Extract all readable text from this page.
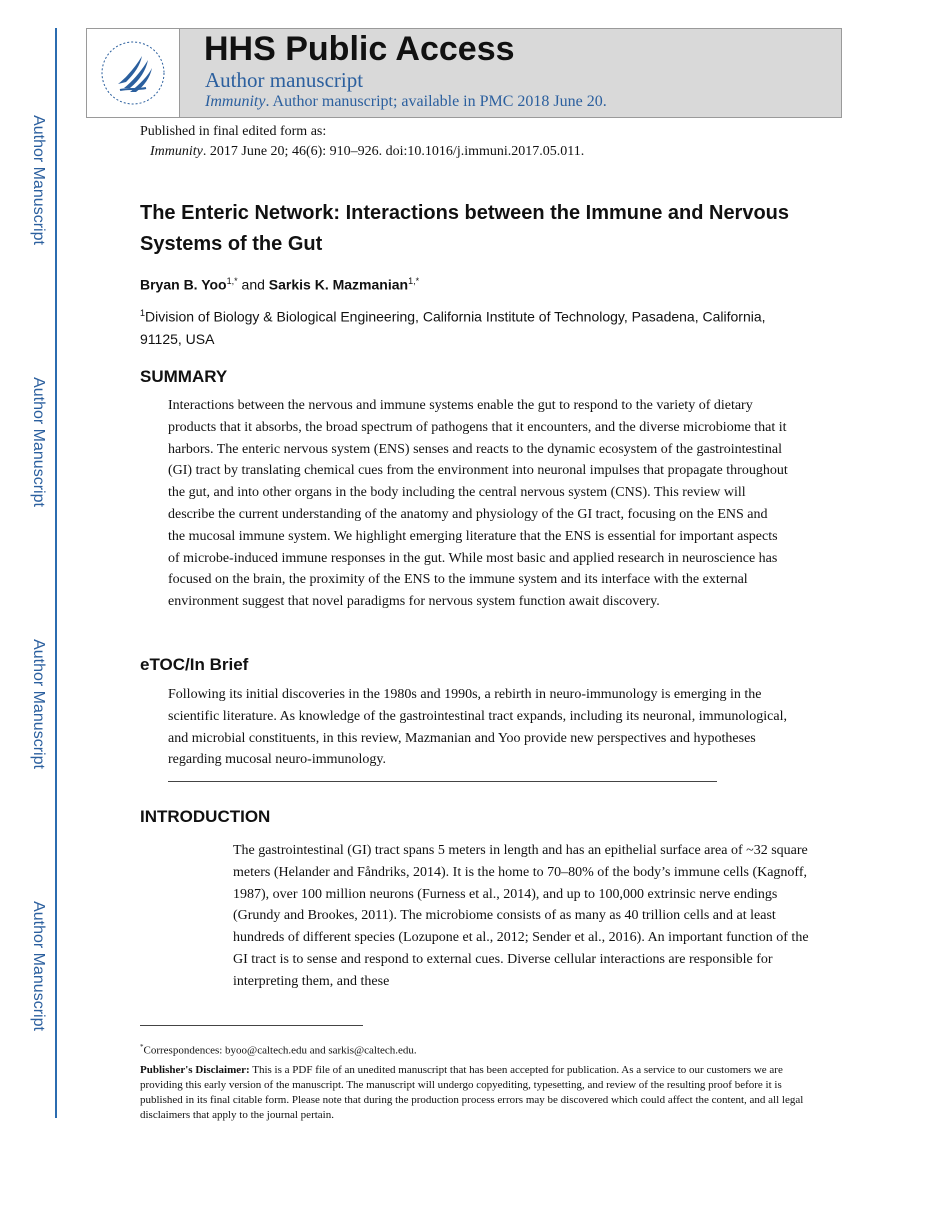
Author Manuscript
Author Manuscript
Author Manuscript
Author Manuscript
HHS Public Access
Author manuscript
Immunity. Author manuscript; available in PMC 2018 June 20.
Published in final edited form as:
Immunity. 2017 June 20; 46(6): 910–926. doi:10.1016/j.immuni.2017.05.011.
The Enteric Network: Interactions between the Immune and Nervous Systems of the Gut
Bryan B. Yoo$^{1,*}$ and Sarkis K. Mazmanian$^{1,*}$
$^1$Division of Biology & Biological Engineering, California Institute of Technology, Pasadena, California, 91125, USA
SUMMARY
Interactions between the nervous and immune systems enable the gut to respond to the variety of dietary products that it absorbs, the broad spectrum of pathogens that it encounters, and the diverse microbiome that it harbors. The enteric nervous system (ENS) senses and reacts to the dynamic ecosystem of the gastrointestinal (GI) tract by translating chemical cues from the environment into neuronal impulses that propagate throughout the gut, and into other organs in the body including the central nervous system (CNS). This review will describe the current understanding of the anatomy and physiology of the GI tract, focusing on the ENS and the mucosal immune system. We highlight emerging literature that the ENS is essential for important aspects of microbe-induced immune responses in the gut. While most basic and applied research in neuroscience has focused on the brain, the proximity of the ENS to the immune system and its interface with the external environment suggest that novel paradigms for nervous system function await discovery.
eTOC/In Brief
Following its initial discoveries in the 1980s and 1990s, a rebirth in neuro-immunology is emerging in the scientific literature. As knowledge of the gastrointestinal tract expands, including its neuronal, immunological, and microbial constituents, in this review, Mazmanian and Yoo provide new perspectives and hypotheses regarding mucosal neuro-immunology.
INTRODUCTION
The gastrointestinal (GI) tract spans 5 meters in length and has an epithelial surface area of ~32 square meters (Helander and Fåndriks, 2014). It is the home to 70–80% of the body’s immune cells (Kagnoff, 1987), over 100 million neurons (Furness et al., 2014), and up to 100,000 extrinsic nerve endings (Grundy and Brookes, 2011). The microbiome consists of as many as 40 trillion cells and at least hundreds of different species (Lozupone et al., 2012; Sender et al., 2016). An important function of the GI tract is to sense and respond to external cues. Diverse cellular interactions are responsible for interpreting them, and these
*Correspondences: byoo@caltech.edu and sarkis@caltech.edu.
Publisher's Disclaimer: This is a PDF file of an unedited manuscript that has been accepted for publication. As a service to our customers we are providing this early version of the manuscript. The manuscript will undergo copyediting, typesetting, and review of the resulting proof before it is published in its final citable form. Please note that during the production process errors may be discovered which could affect the content, and all legal disclaimers that apply to the journal pertain.
